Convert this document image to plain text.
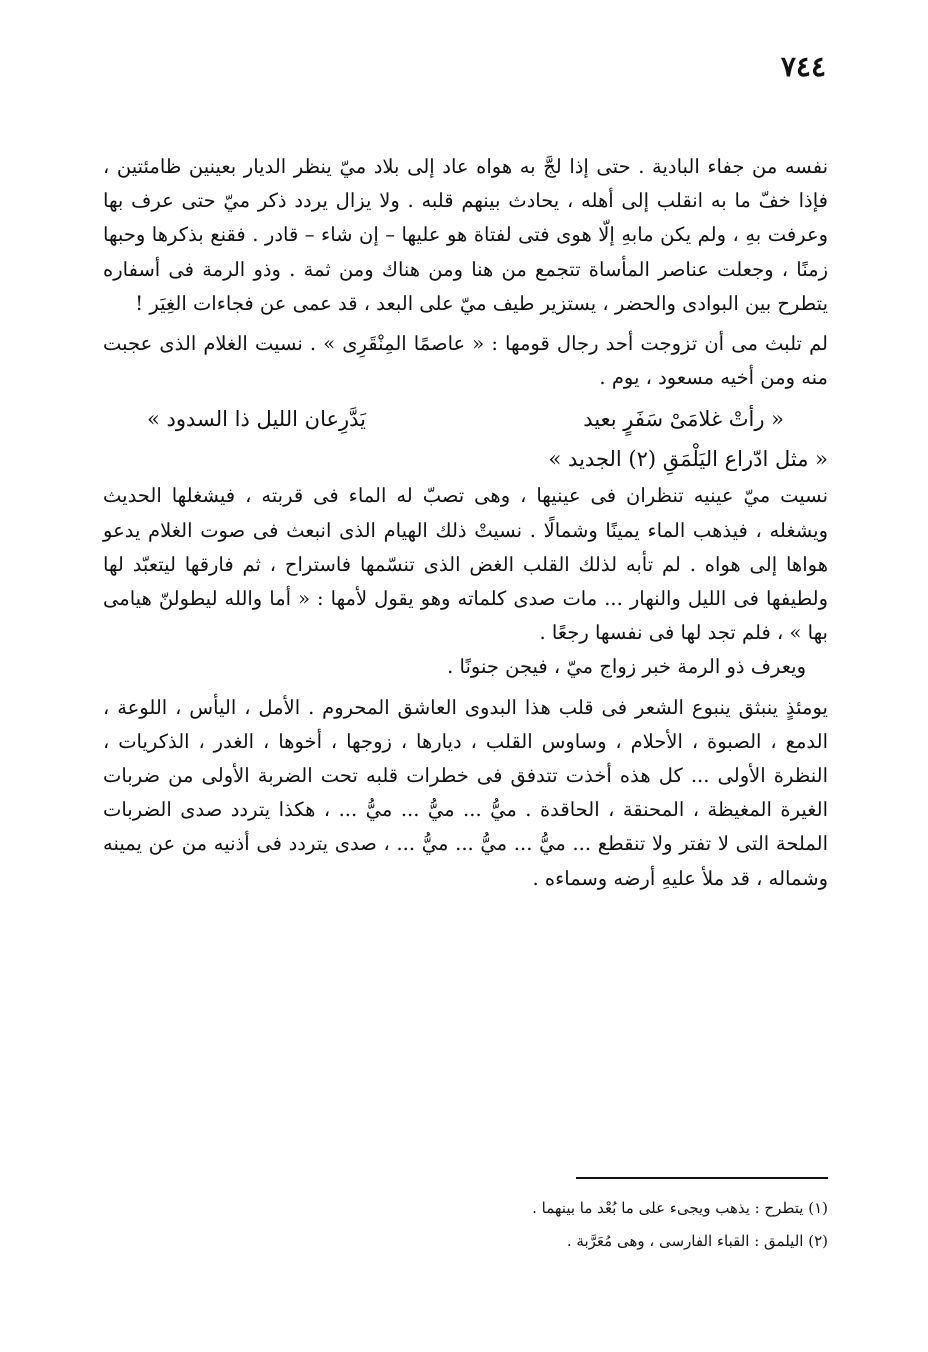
٧٤٤

نفسه من جفاء البادية . حتى إذا لجَّ به هواه عاد إلى بلاد ميّ ينظر الديار بعينين ظامئتين ، فإذا خفّ ما به انقلب إلى أهله ، يحادث بينهم قلبه . ولا يزال يردد ذكر ميّ حتى عرف بها وعرفت بهِ ، ولم يكن مابهِ إلّا هوى فتى لفتاة هو عليها – إن شاء – قادر . فقنع بذكرها وحبها زمنًا ، وجعلت عناصر المأساة تتجمع من هنا ومن هناك ومن ثمة . وذو الرمة فى أسفاره يتطرح بين البوادى والحضر ، يستزير طيف ميّ على البعد ، قد عمى عن فجاءات الغِيَر !

لم تلبث مى أن تزوجت أحد رجال قومها : « عاصمًا المِنْقَرِى » . نسيت الغلام الذى عجبت منه ومن أخيه مسعود ، يوم .

« رأتْ غلامَىْ سَفَرٍ بعيد
يَدَّرِعان الليل ذا السدود »
« مثل ادّراع اليَلْمَقِ (٢) الجديد »

نسيت ميّ عينيه تنظران فى عينيها ، وهى تصبّ له الماء فى قربته ، فيشغلها الحديث ويشغله ، فيذهب الماء يمينًا وشمالًا . نسيتْ ذلك الهيام الذى انبعث فى صوت الغلام يدعو هواها إلى هواه . لم تأبه لذلك القلب الغض الذى تنسّمها فاستراح ، ثم فارقها ليتعبّد لها ولطيفها فى الليل والنهار ... مات صدى كلماته وهو يقول لأمها : « أما والله ليطولنّ هيامى بها » ، فلم تجد لها فى نفسها رجعًا .

ويعرف ذو الرمة خبر زواج ميّ ، فيجن جنونًا .

يومئذٍ ينبثق ينبوع الشعر فى قلب هذا البدوى العاشق المحروم . الأمل ، اليأس ، اللوعة ، الدمع ، الصبوة ، الأحلام ، وساوس القلب ، ديارها ، زوجها ، أخوها ، الغدر ، الذكريات ، النظرة الأولى ... كل هذه أخذت تتدفق فى خطرات قلبه تحت الضربة الأولى من ضربات الغيرة المغيظة ، المحنقة ، الحاقدة . ميُّ ... ميُّ ... ميُّ ... ، هكذا يتردد صدى الضربات الملحة التى لا تفتر ولا تنقطع ... ميُّ ... ميُّ ... ميُّ ... ، صدى يتردد فى أذنيه من عن يمينه وشماله ، قد ملأ عليهِ أرضه وسماءه .

(١) يتطرح : يذهب ويجىء على ما بُعْد ما بينهما .

(٢) اليلمق : القباء الفارسى ، وهى مُعَرَّبة .
